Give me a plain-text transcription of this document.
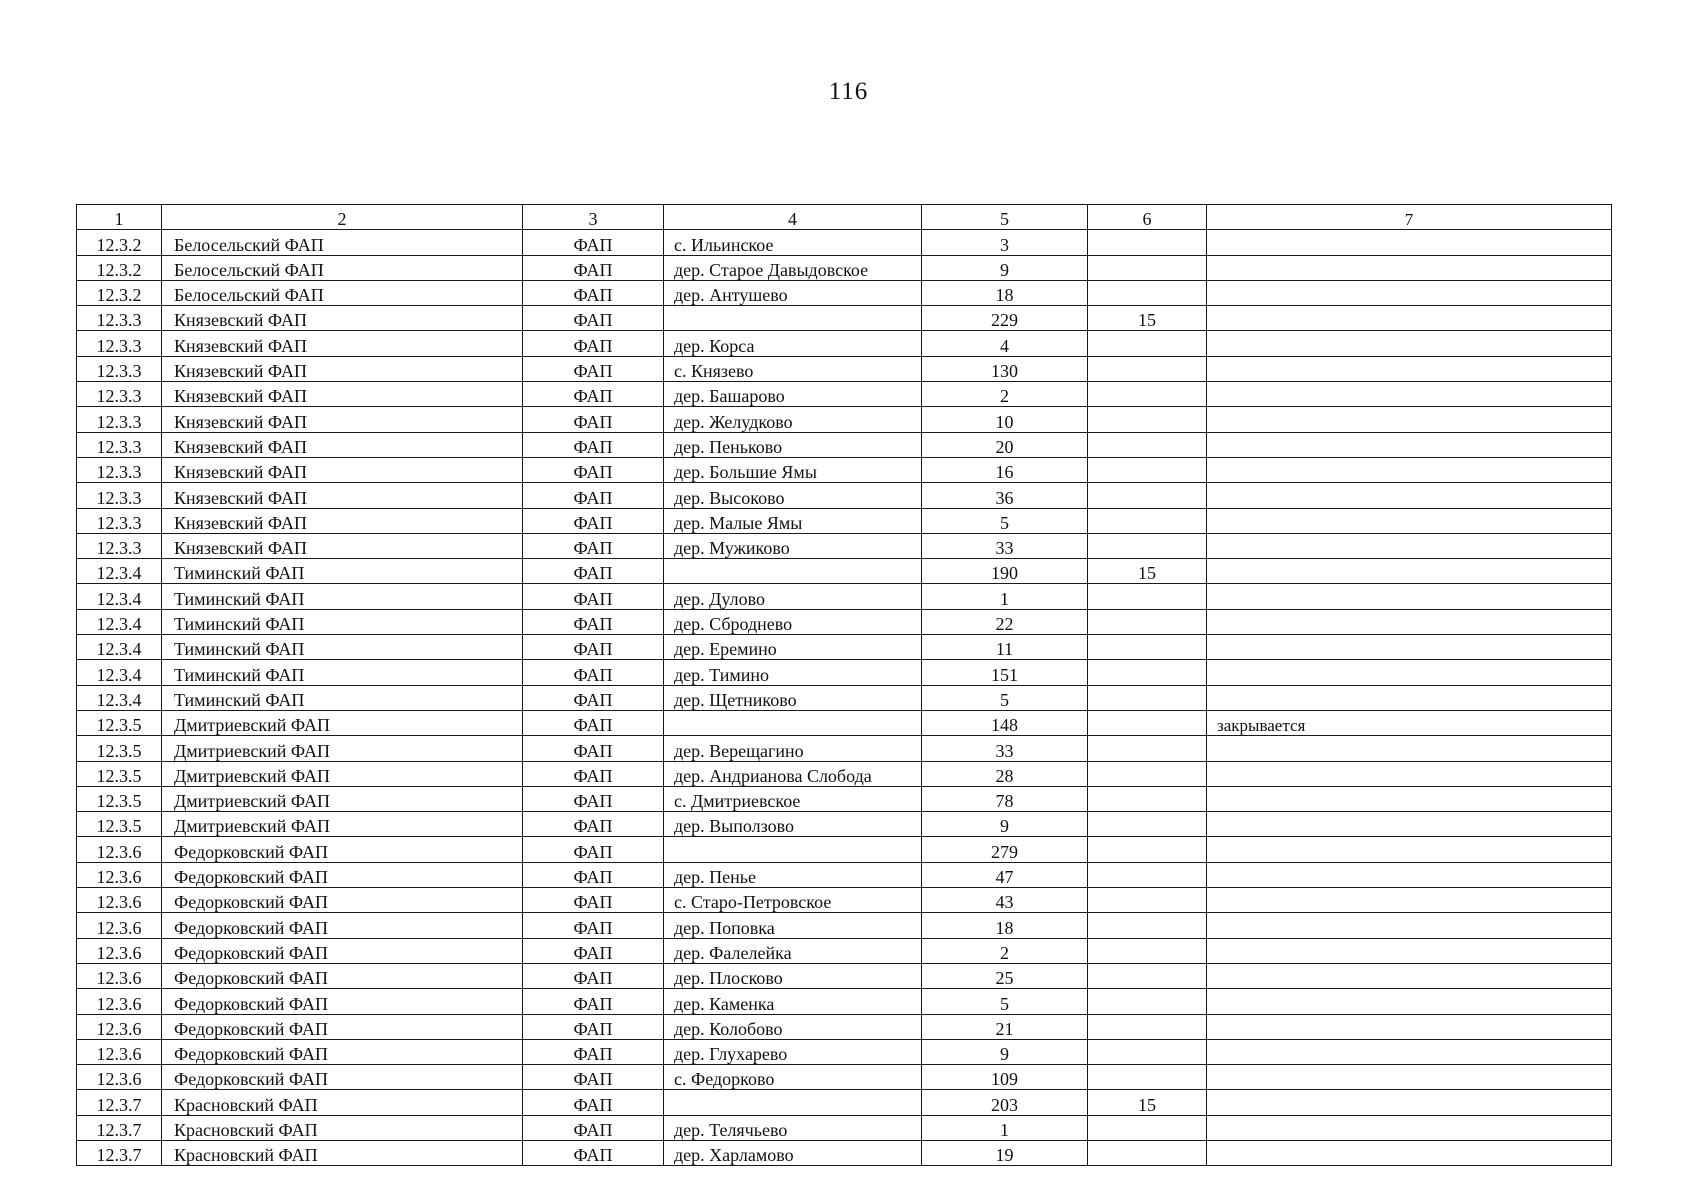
116
1	2	3	4	5	6	7
12.3.2	Белосельский ФАП	ФАП	с. Ильинское	3		
12.3.2	Белосельский ФАП	ФАП	дер. Старое Давыдовское	9		
12.3.2	Белосельский ФАП	ФАП	дер. Антушево	18		
12.3.3	Князевский ФАП	ФАП		229	15	
12.3.3	Князевский ФАП	ФАП	дер. Корса	4		
12.3.3	Князевский ФАП	ФАП	с. Князево	130		
12.3.3	Князевский ФАП	ФАП	дер. Башарово	2		
12.3.3	Князевский ФАП	ФАП	дер. Желудково	10		
12.3.3	Князевский ФАП	ФАП	дер. Пеньково	20		
12.3.3	Князевский ФАП	ФАП	дер. Большие Ямы	16		
12.3.3	Князевский ФАП	ФАП	дер. Высоково	36		
12.3.3	Князевский ФАП	ФАП	дер. Малые Ямы	5		
12.3.3	Князевский ФАП	ФАП	дер. Мужиково	33		
12.3.4	Тиминский ФАП	ФАП		190	15	
12.3.4	Тиминский ФАП	ФАП	дер. Дулово	1		
12.3.4	Тиминский ФАП	ФАП	дер. Сброднево	22		
12.3.4	Тиминский ФАП	ФАП	дер. Еремино	11		
12.3.4	Тиминский ФАП	ФАП	дер. Тимино	151		
12.3.4	Тиминский ФАП	ФАП	дер. Щетниково	5		
12.3.5	Дмитриевский ФАП	ФАП		148		закрывается
12.3.5	Дмитриевский ФАП	ФАП	дер. Верещагино	33		
12.3.5	Дмитриевский ФАП	ФАП	дер. Андрианова Слобода	28		
12.3.5	Дмитриевский ФАП	ФАП	с. Дмитриевское	78		
12.3.5	Дмитриевский ФАП	ФАП	дер. Выползово	9		
12.3.6	Федорковский ФАП	ФАП		279		
12.3.6	Федорковский ФАП	ФАП	дер. Пенье	47		
12.3.6	Федорковский ФАП	ФАП	с. Старо-Петровское	43		
12.3.6	Федорковский ФАП	ФАП	дер. Поповка	18		
12.3.6	Федорковский ФАП	ФАП	дер. Фалелейка	2		
12.3.6	Федорковский ФАП	ФАП	дер. Плосково	25		
12.3.6	Федорковский ФАП	ФАП	дер. Каменка	5		
12.3.6	Федорковский ФАП	ФАП	дер. Колобово	21		
12.3.6	Федорковский ФАП	ФАП	дер. Глухарево	9		
12.3.6	Федорковский ФАП	ФАП	с. Федорково	109		
12.3.7	Красновский ФАП	ФАП		203	15	
12.3.7	Красновский ФАП	ФАП	дер. Телячьево	1		
12.3.7	Красновский ФАП	ФАП	дер. Харламово	19		
